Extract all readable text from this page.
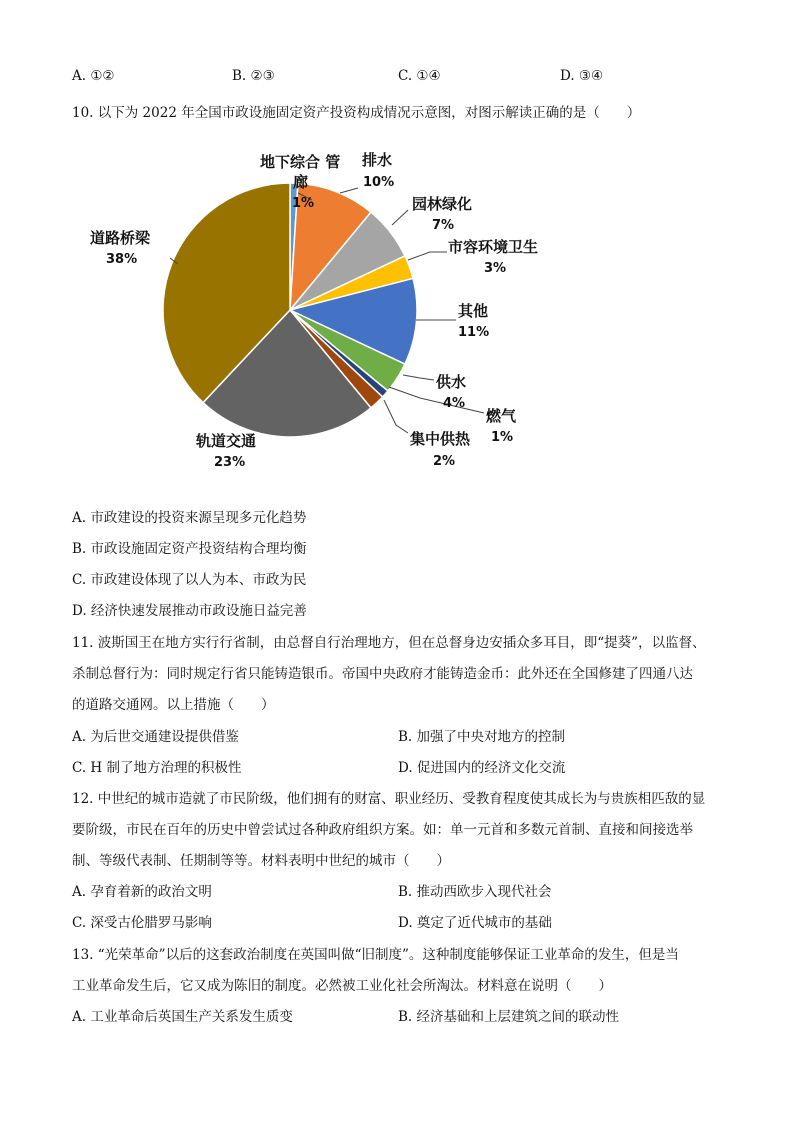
A. ①②	B. ②③	C. ①④	D. ③④
10. 以下为 2022 年全国市政设施固定资产投资构成情况示意图，对图示解读正确的是（　　）
地下综合 管
廊
1%
排水
10%
园林绿化
7%
市容环境卫生
3%
其他
11%
供水
4%
燃气
1%
集中供热
2%
轨道交通
23%
道路桥梁
38%
A. 市政建设的投资来源呈现多元化趋势
B. 市政设施固定资产投资结构合理均衡
C. 市政建设体现了以人为本、市政为民
D. 经济快速发展推动市政设施日益完善
11. 波斯国王在地方实行行省制，由总督自行治理地方，但在总督身边安插众多耳目，即“提葵”，以监督、
杀制总督行为：同时规定行省只能铸造银币。帝国中央政府才能铸造金币：此外还在全国修建了四通八达
的道路交通网。以上措施（　　）
A. 为后世交通建设提供借鉴	B. 加强了中央对地方的控制
C. H 制了地方治理的积极性	D. 促进国内的经济文化交流
12. 中世纪的城市造就了市民阶级，他们拥有的财富、职业经历、受教育程度使其成长为与贵族相匹敌的显
要阶级，市民在百年的历史中曾尝试过各种政府组织方案。如：单一元首和多数元首制、直接和间接选举
制、等级代表制、任期制等等。材料表明中世纪的城市（　　）
A. 孕育着新的政治文明	B. 推动西欧步入现代社会
C. 深受古伦腊罗马影响	D. 奠定了近代城市的基础
13. “光荣革命”以后的这套政治制度在英国叫做“旧制度”。这种制度能够保证工业革命的发生，但是当
工业革命发生后，它又成为陈旧的制度。必然被工业化社会所淘汰。材料意在说明（　　）
A. 工业革命后英国生产关系发生质变	B. 经济基础和上层建筑之间的联动性
